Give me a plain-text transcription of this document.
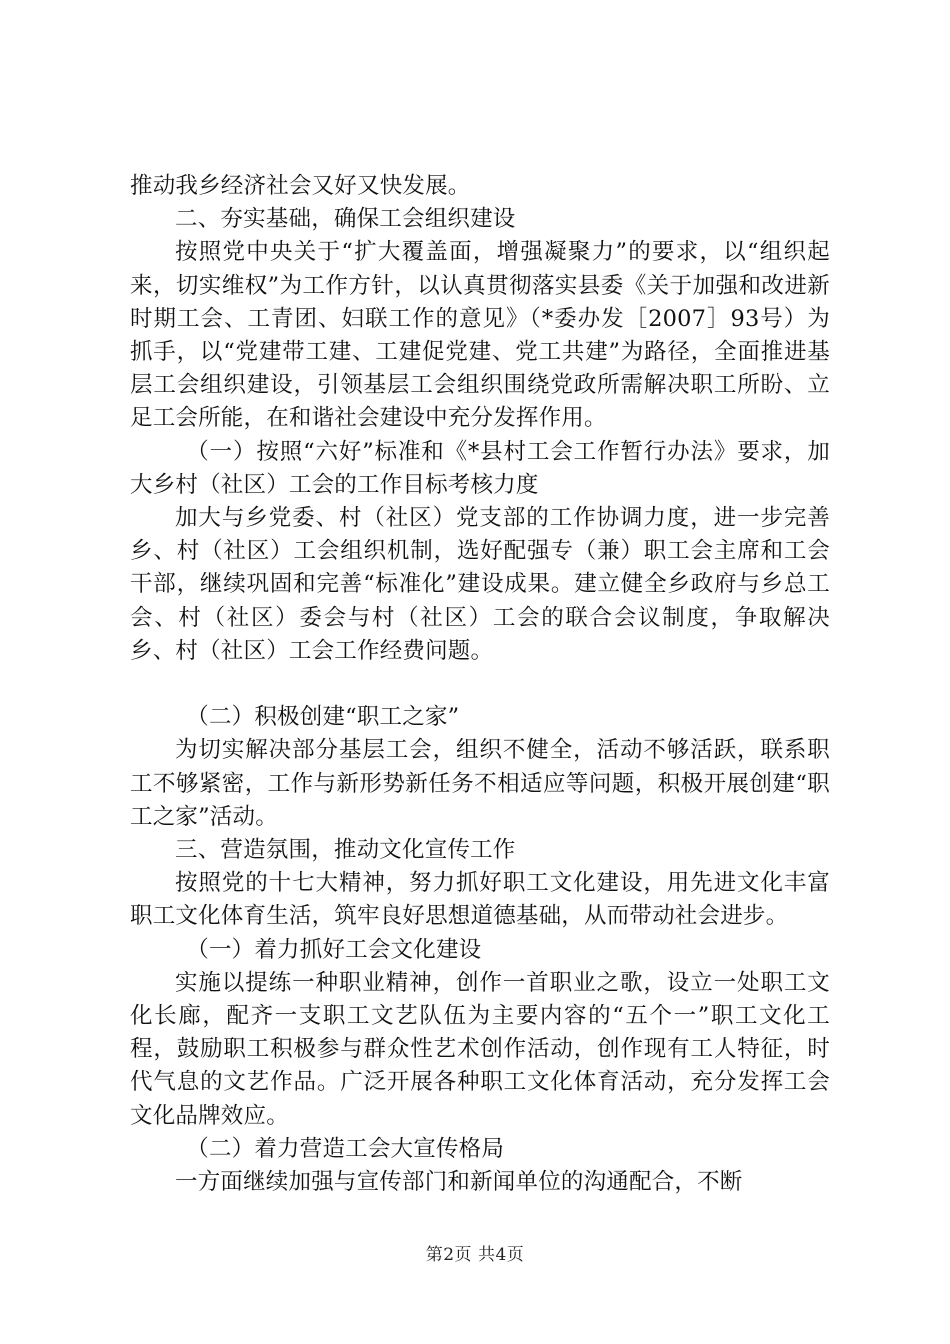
推动我乡经济社会又好又快发展。

二、夯实基础，确保工会组织建设

按照党中央关于“扩大覆盖面，增强凝聚力”的要求，以“组织起来，切实维权”为工作方针，以认真贯彻落实县委《关于加强和改进新时期工会、工青团、妇联工作的意见》（*委办发［2007］93号）为抓手，以“党建带工建、工建促党建、党工共建”为路径，全面推进基层工会组织建设，引领基层工会组织围绕党政所需解决职工所盼、立足工会所能，在和谐社会建设中充分发挥作用。

（一）按照“六好”标准和《*县村工会工作暂行办法》要求，加大乡村（社区）工会的工作目标考核力度

加大与乡党委、村（社区）党支部的工作协调力度，进一步完善乡、村（社区）工会组织机制，选好配强专（兼）职工会主席和工会干部，继续巩固和完善“标准化”建设成果。建立健全乡政府与乡总工会、村（社区）委会与村（社区）工会的联合会议制度，争取解决乡、村（社区）工会工作经费问题。

（二）积极创建“职工之家”

为切实解决部分基层工会，组织不健全，活动不够活跃，联系职工不够紧密，工作与新形势新任务不相适应等问题，积极开展创建“职工之家”活动。

三、营造氛围，推动文化宣传工作

按照党的十七大精神，努力抓好职工文化建设，用先进文化丰富职工文化体育生活，筑牢良好思想道德基础，从而带动社会进步。

（一）着力抓好工会文化建设

实施以提练一种职业精神，创作一首职业之歌，设立一处职工文化长廊，配齐一支职工文艺队伍为主要内容的“五个一”职工文化工程，鼓励职工积极参与群众性艺术创作活动，创作现有工人特征，时代气息的文艺作品。广泛开展各种职工文化体育活动，充分发挥工会文化品牌效应。

（二）着力营造工会大宣传格局

一方面继续加强与宣传部门和新闻单位的沟通配合，不断

第2页 共4页
